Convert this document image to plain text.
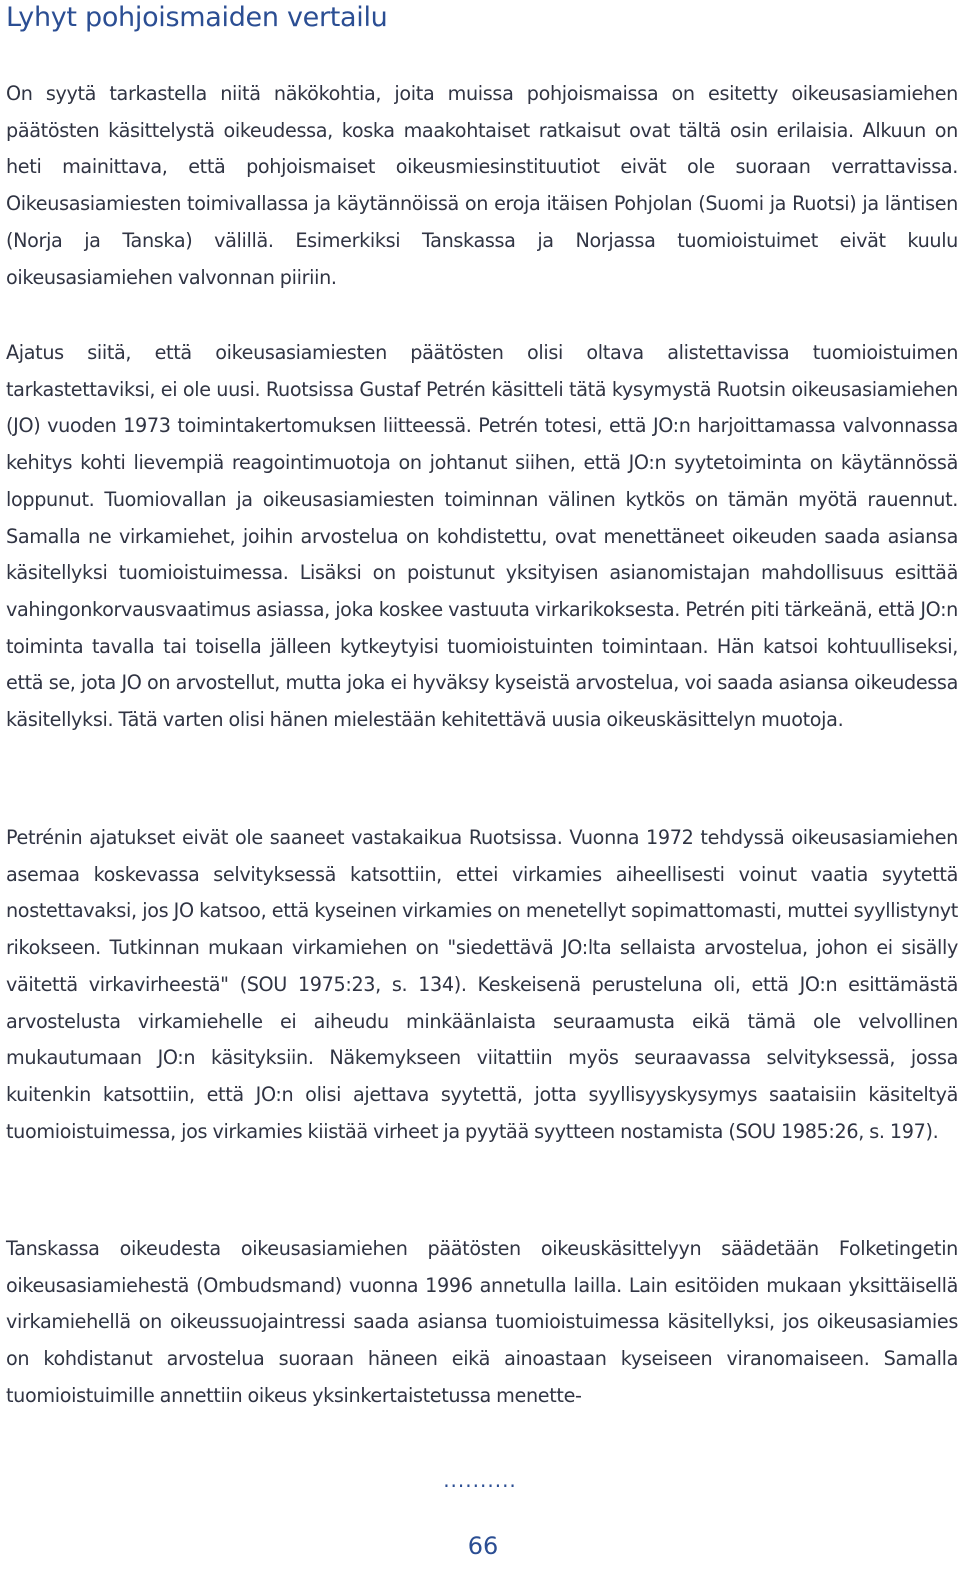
Lyhyt pohjoismaiden vertailu

On syytä tarkastella niitä näkökohtia, joita muissa pohjoismaissa on esitetty oikeusasiamiehen päätösten käsittelystä oikeudessa, koska maakohtaiset ratkaisut ovat tältä osin erilaisia. Alkuun on heti mainittava, että pohjoismaiset oikeusmiesinstituutiot eivät ole suoraan verrattavissa. Oikeusasiamiesten toimivallassa ja käytännöissä on eroja itäisen Pohjolan (Suomi ja Ruotsi) ja läntisen (Norja ja Tanska) välillä. Esimerkiksi Tanskassa ja Norjassa tuomioistuimet eivät kuulu oikeusasiamiehen valvonnan piiriin.

Ajatus siitä, että oikeusasiamiesten päätösten olisi oltava alistettavissa tuomioistuimen tarkastettaviksi, ei ole uusi. Ruotsissa Gustaf Petrén käsitteli tätä kysymystä Ruotsin oikeusasiamiehen (JO) vuoden 1973 toimintakertomuksen liitteessä. Petrén totesi, että JO:n harjoittamassa valvonnassa kehitys kohti lievempiä reagointimuotoja on johtanut siihen, että JO:n syytetoiminta on käytännössä loppunut. Tuomiovallan ja oikeusasiamiesten toiminnan välinen kytkös on tämän myötä rauennut. Samalla ne virkamiehet, joihin arvostelua on kohdistettu, ovat menettäneet oikeuden saada asiansa käsitellyksi tuomioistuimessa. Lisäksi on poistunut yksityisen asianomistajan mahdollisuus esittää vahingonkorvausvaatimus asiassa, joka koskee vastuuta virkarikoksesta. Petrén piti tärkeänä, että JO:n toiminta tavalla tai toisella jälleen kytkeytyisi tuomioistuinten toimintaan. Hän katsoi kohtuulliseksi, että se, jota JO on arvostellut, mutta joka ei hyväksy kyseistä arvostelua, voi saada asiansa oikeudessa käsitellyksi. Tätä varten olisi hänen mielestään kehitettävä uusia oikeuskäsittelyn muotoja.

Petrénin ajatukset eivät ole saaneet vastakaikua Ruotsissa. Vuonna 1972 tehdyssä oikeusasiamiehen asemaa koskevassa selvityksessä katsottiin, ettei virkamies aiheellisesti voinut vaatia syytettä nostettavaksi, jos JO katsoo, että kyseinen virkamies on menetellyt sopimattomasti, muttei syyllistynyt rikokseen. Tutkinnan mukaan virkamiehen on "siedettävä JO:lta sellaista arvostelua, johon ei sisälly väitettä virkavirheestä" (SOU 1975:23, s. 134). Keskeisenä perusteluna oli, että JO:n esittämästä arvostelusta virkamiehelle ei aiheudu minkäänlaista seuraamusta eikä tämä ole velvollinen mukautumaan JO:n käsityksiin. Näkemykseen viitattiin myös seuraavassa selvityksessä, jossa kuitenkin katsottiin, että JO:n olisi ajettava syytettä, jotta syyllisyyskysymys saataisiin käsiteltyä tuomioistuimessa, jos virkamies kiistää virheet ja pyytää syytteen nostamista (SOU 1985:26, s. 197).

Tanskassa oikeudesta oikeusasiamiehen päätösten oikeuskäsittelyyn säädetään Folketingetin oikeusasiamiehestä (Ombudsmand) vuonna 1996 annetulla lailla. Lain esitöiden mukaan yksittäisellä virkamiehellä on oikeussuojaintressi saada asiansa tuomioistuimessa käsitellyksi, jos oikeusasiamies on kohdistanut arvostelua suoraan häneen eikä ainoastaan kyseiseen viranomaiseen. Samalla tuomioistuimille annettiin oikeus yksinkertaistetussa menette-

..........
66
